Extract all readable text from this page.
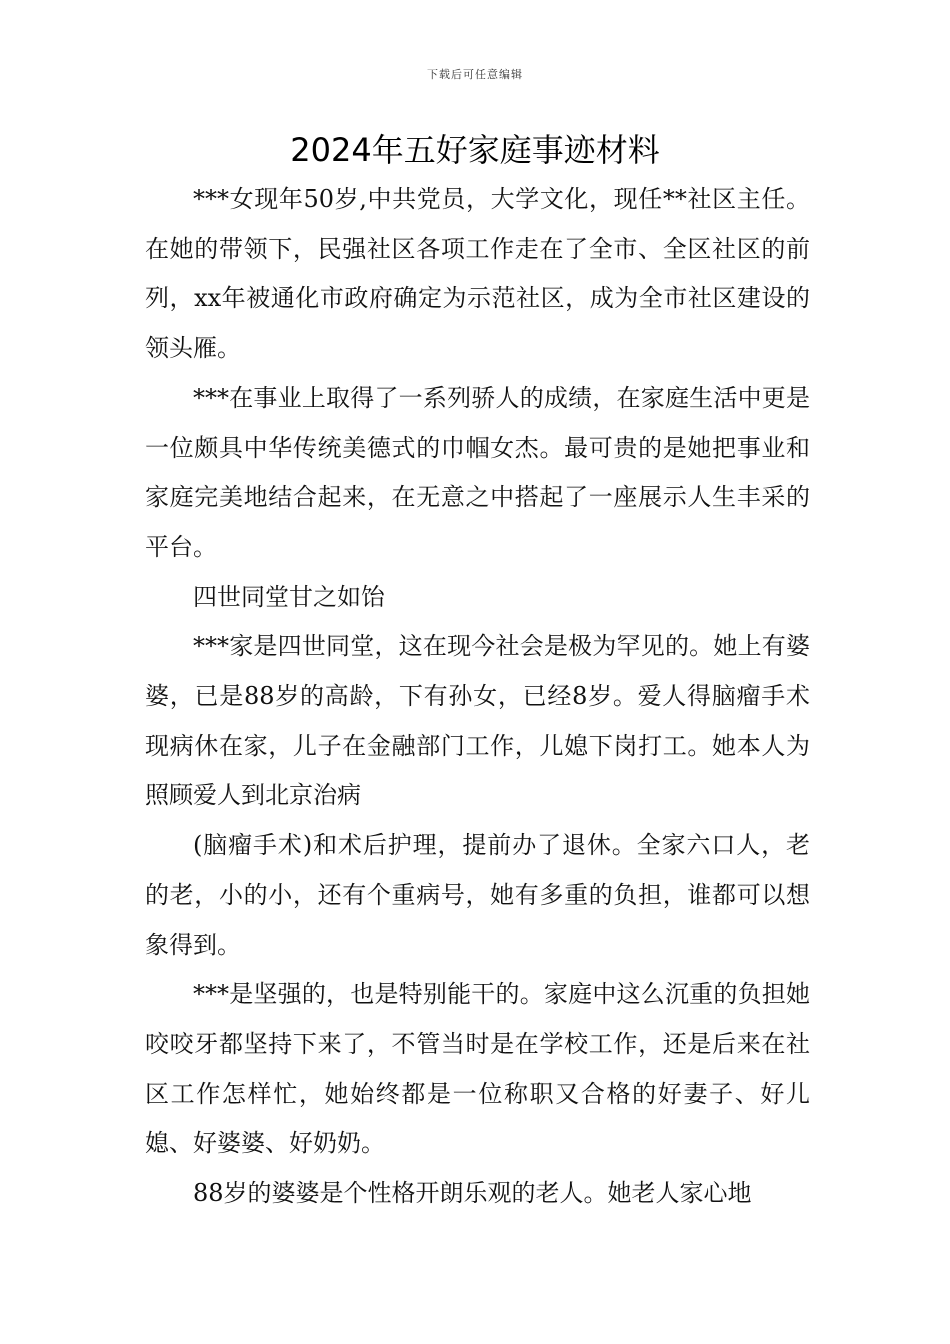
下载后可任意编辑
2024年五好家庭事迹材料

***女现年50岁,中共党员，大学文化，现任**社区主任。在她的带领下，民强社区各项工作走在了全市、全区社区的前列，xx年被通化市政府确定为示范社区，成为全市社区建设的领头雁。

***在事业上取得了一系列骄人的成绩，在家庭生活中更是一位颇具中华传统美德式的巾帼女杰。最可贵的是她把事业和家庭完美地结合起来，在无意之中搭起了一座展示人生丰采的平台。

四世同堂甘之如饴

***家是四世同堂，这在现今社会是极为罕见的。她上有婆婆，已是88岁的高龄，下有孙女，已经8岁。爱人得脑瘤手术现病休在家，儿子在金融部门工作，儿媳下岗打工。她本人为照顾爱人到北京治病

(脑瘤手术)和术后护理，提前办了退休。全家六口人，老的老，小的小，还有个重病号，她有多重的负担，谁都可以想象得到。

***是坚强的，也是特别能干的。家庭中这么沉重的负担她咬咬牙都坚持下来了，不管当时是在学校工作，还是后来在社区工作怎样忙，她始终都是一位称职又合格的好妻子、好儿媳、好婆婆、好奶奶。

88岁的婆婆是个性格开朗乐观的老人。她老人家心地
